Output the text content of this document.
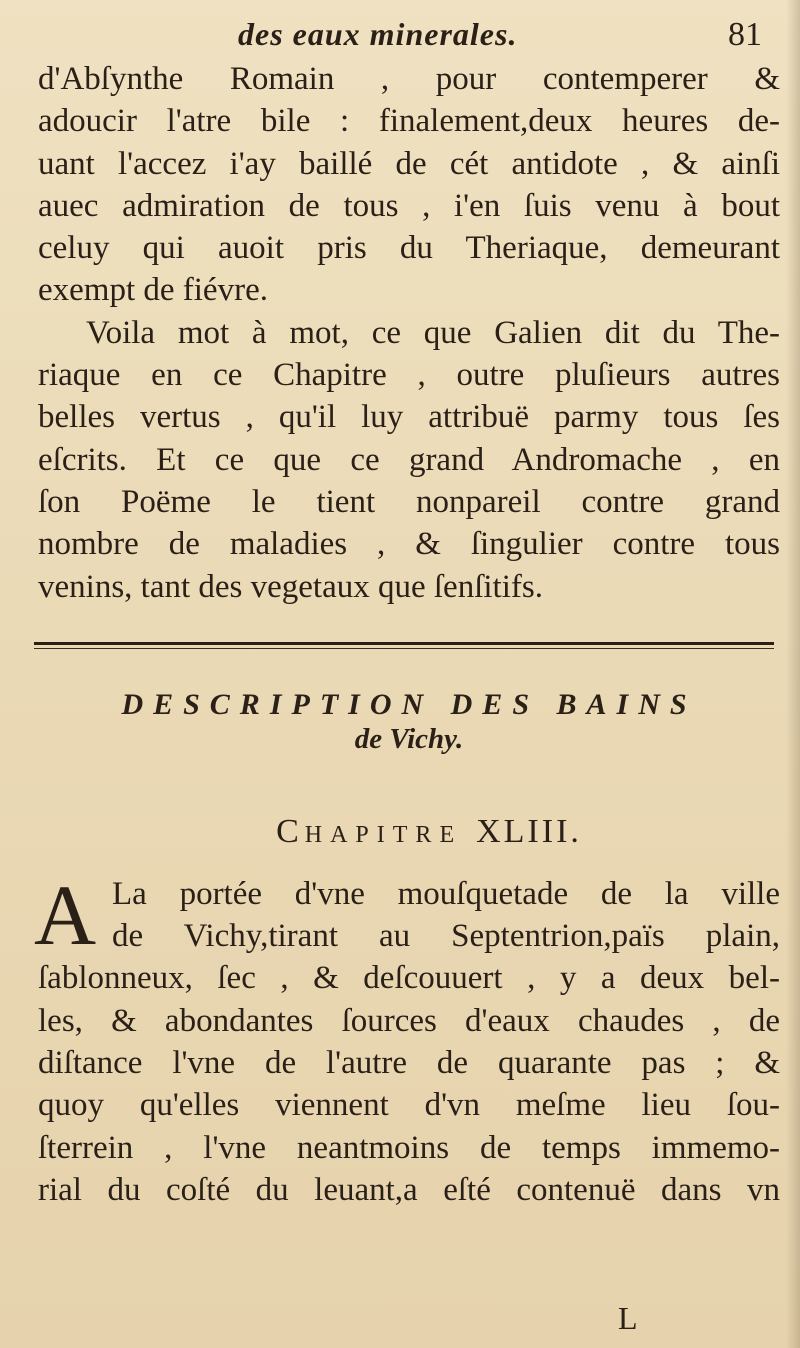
des eaux minerales.	81
d'Abſynthe Romain , pour contemperer &
adoucir l'atre bile : finalement,deux heures de-
uant l'accez i'ay baillé de cét antidote , & ainſi
auec admiration de tous , i'en ſuis venu à bout
celuy qui auoit pris du Theriaque, demeurant
exempt de fiévre.
Voila mot à mot, ce que Galien dit du The-
riaque en ce Chapitre , outre pluſieurs autres
belles vertus , qu'il luy attribuë parmy tous ſes
eſcrits. Et ce que ce grand Andromache , en
ſon Poëme le tient nonpareil contre grand
nombre de maladies , & ſingulier contre tous
venins, tant des vegetaux que ſenſitifs.
DESCRIPTION DES BAINS
de Vichy.
CHAPITRE XLIII.
A La portée d'vne mouſquetade de la ville
de Vichy,tirant au Septentrion,païs plain,
ſablonneux, ſec , & deſcouuert , y a deux bel-
les, & abondantes ſources d'eaux chaudes , de
diſtance l'vne de l'autre de quarante pas ; &
quoy qu'elles viennent d'vn meſme lieu ſou-
ſterrein , l'vne neantmoins de temps immemo-
rial du coſté du leuant,a eſté contenuë dans vn
L
